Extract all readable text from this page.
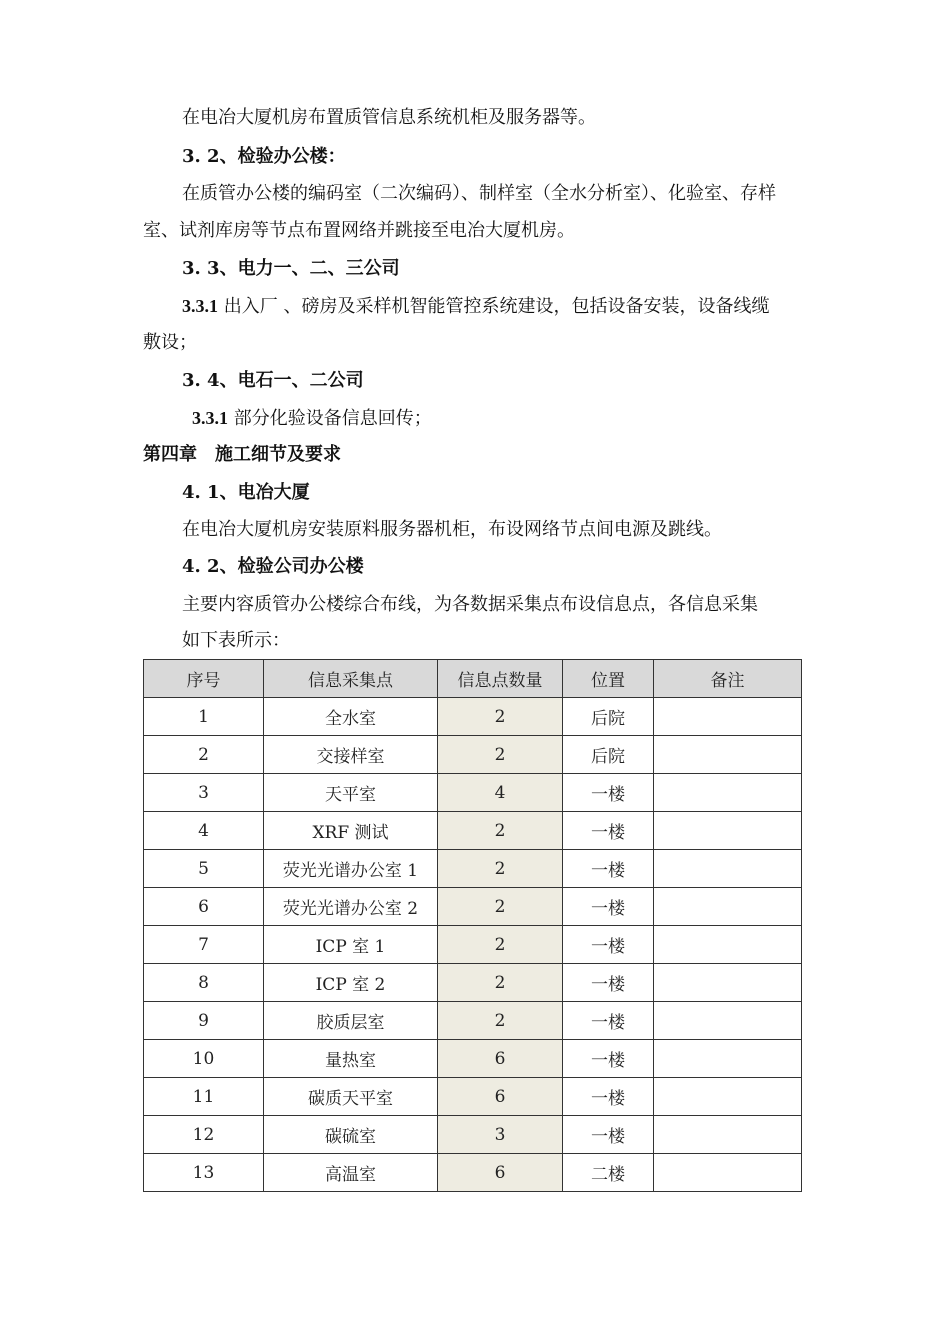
在电冶大厦机房布置质管信息系统机柜及服务器等。
3. 2、检验办公楼：
在质管办公楼的编码室（二次编码）、制样室（全水分析室）、化验室、存样
室、试剂库房等节点布置网络并跳接至电冶大厦机房。
3. 3、电力一、二、三公司
3.3.1 出入厂 、磅房及采样机智能管控系统建设，包括设备安装，设备线缆
敷设；
3. 4、电石一、二公司
3.3.1 部分化验设备信息回传；
第四章　施工细节及要求
4. 1、电冶大厦
在电冶大厦机房安装原料服务器机柜，布设网络节点间电源及跳线。
4. 2、检验公司办公楼
主要内容质管办公楼综合布线，为各数据采集点布设信息点，各信息采集
如下表所示：
序号	信息采集点	信息点数量	位置	备注
1	全水室	2	后院	
2	交接样室	2	后院	
3	天平室	4	一楼	
4	XRF 测试	2	一楼	
5	荧光光谱办公室 1	2	一楼	
6	荧光光谱办公室 2	2	一楼	
7	ICP 室 1	2	一楼	
8	ICP 室 2	2	一楼	
9	胶质层室	2	一楼	
10	量热室	6	一楼	
11	碳质天平室	6	一楼	
12	碳硫室	3	一楼	
13	高温室	6	二楼	
